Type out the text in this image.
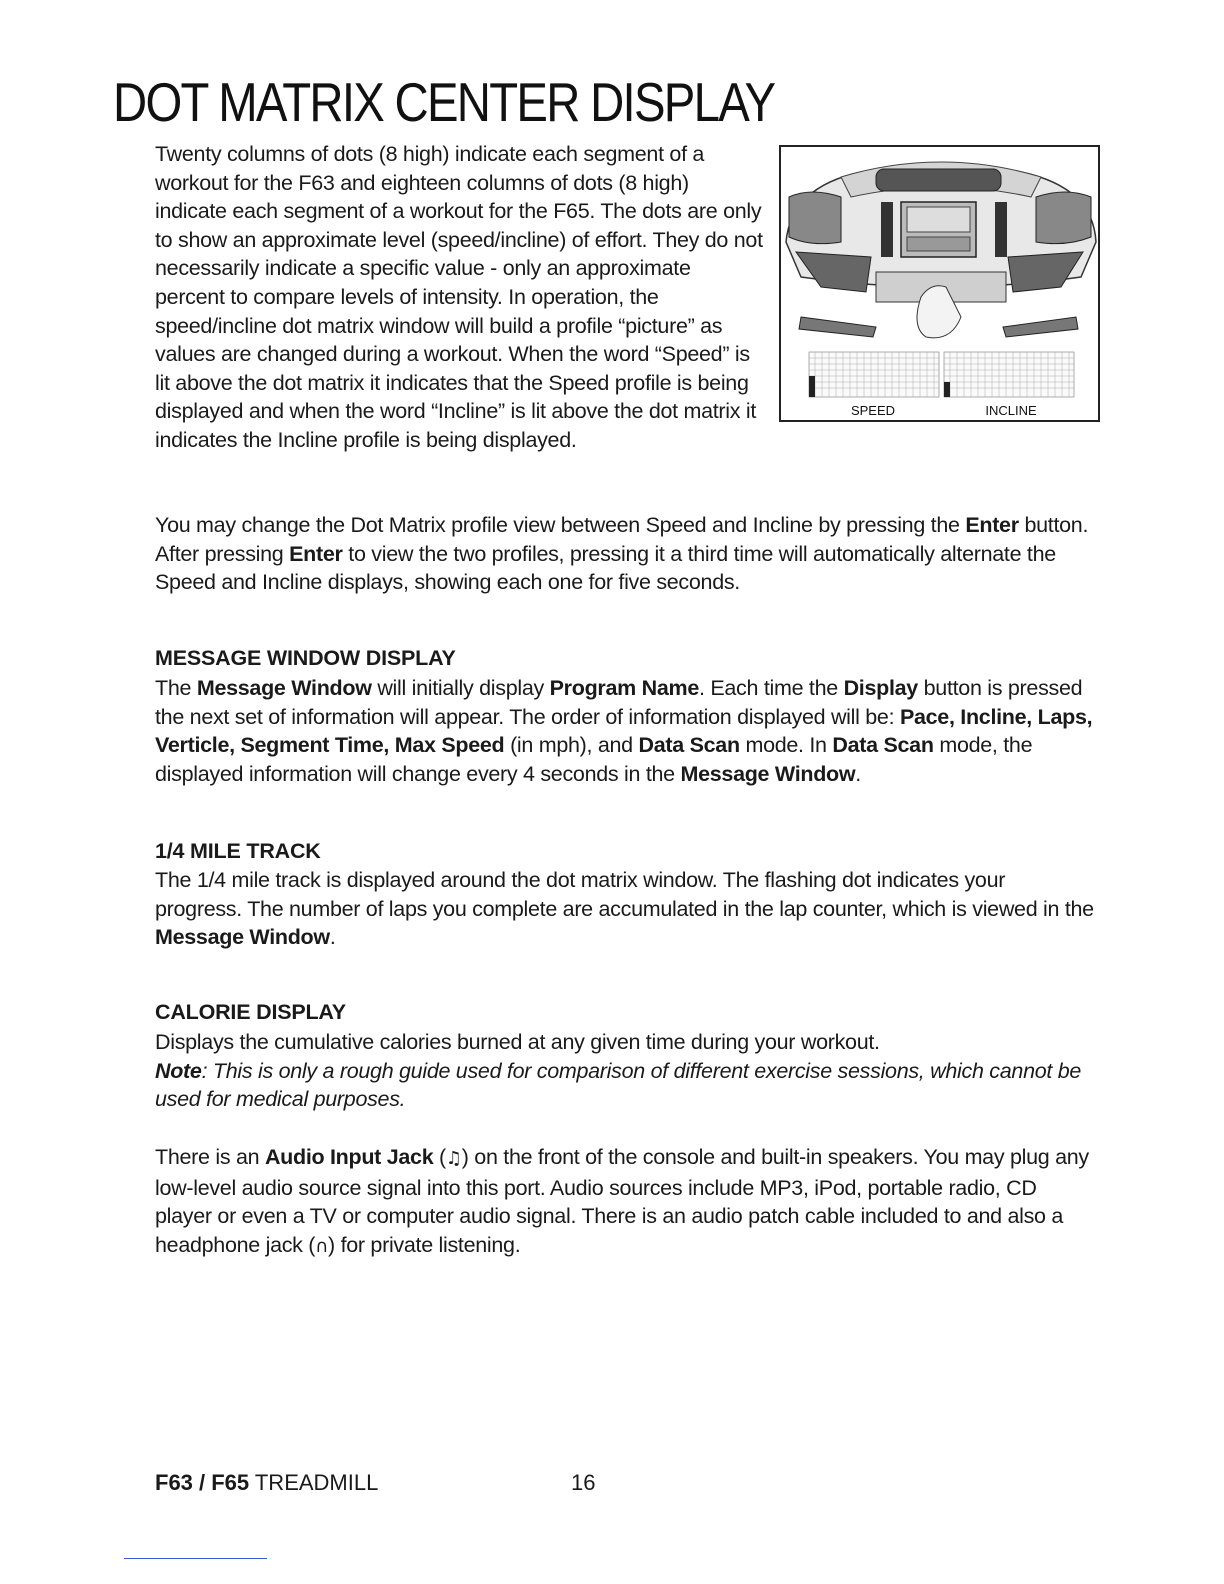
DOT MATRIX CENTER DISPLAY

Twenty columns of dots (8 high) indicate each segment of a workout for the F63 and eighteen columns of dots (8 high) indicate each segment of a workout for the F65. The dots are only to show an approximate level (speed/incline) of effort. They do not necessarily indicate a specific value - only an approximate percent to compare levels of intensity. In operation, the speed/incline dot matrix window will build a profile “picture” as values are changed during a workout. When the word “Speed” is lit above the dot matrix it indicates that the Speed profile is being displayed and when the word “Incline” is lit above the dot matrix it indicates the Incline profile is being displayed.

SPEED	INCLINE

You may change the Dot Matrix profile view between Speed and Incline by pressing the Enter button. After pressing Enter to view the two profiles, pressing it a third time will automatically alternate the Speed and Incline displays, showing each one for five seconds.

MESSAGE WINDOW DISPLAY

The Message Window will initially display Program Name. Each time the Display button is pressed the next set of information will appear. The order of information displayed will be: Pace, Incline, Laps, Verticle, Segment Time, Max Speed (in mph), and Data Scan mode. In Data Scan mode, the displayed information will change every 4 seconds in the Message Window.

1/4 MILE TRACK

The 1/4 mile track is displayed around the dot matrix window. The flashing dot indicates your progress. The number of laps you complete are accumulated in the lap counter, which is viewed in the Message Window.

CALORIE DISPLAY

Displays the cumulative calories burned at any given time during your workout.
Note: This is only a rough guide used for comparison of different exercise sessions, which cannot be used for medical purposes.

There is an Audio Input Jack (♫) on the front of the console and built-in speakers. You may plug any low-level audio source signal into this port. Audio sources include MP3, iPod, portable radio, CD player or even a TV or computer audio signal. There is an audio patch cable included to and also a headphone jack (∩) for private listening.

F63 / F65 TREADMILL	16
